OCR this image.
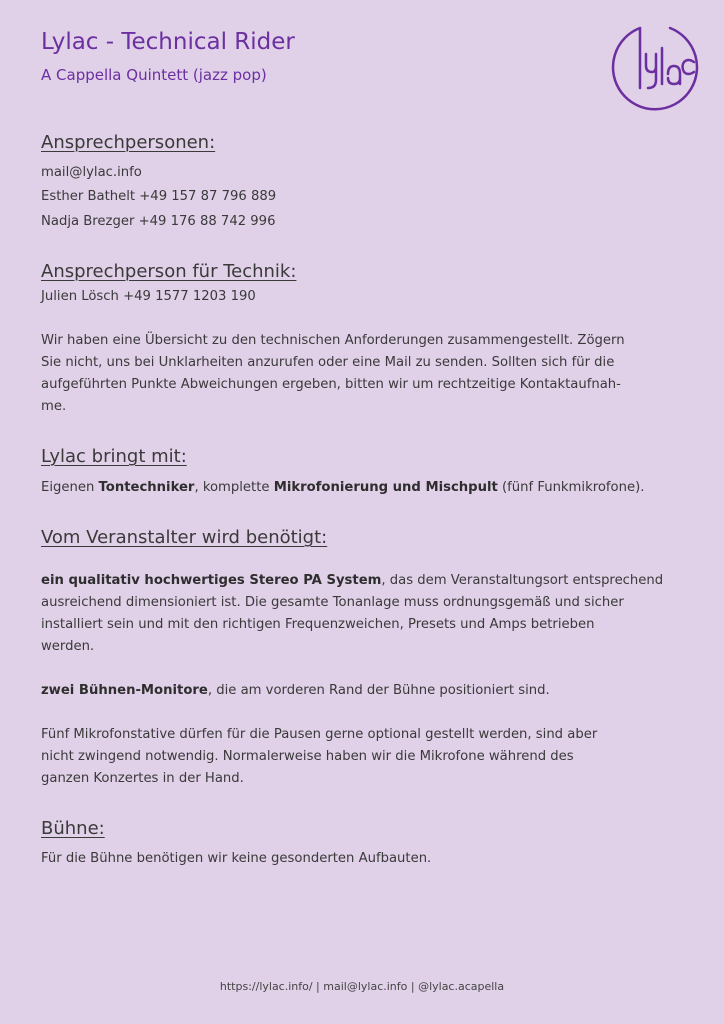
Lylac - Technical Rider
A Cappella Quintett (jazz pop)
Ansprechpersonen:
mail@lylac.info
Esther Bathelt +49 157 87 796 889
Nadja Brezger +49 176 88 742 996
Ansprechperson für Technik:
Julien Lösch +49 1577 1203 190
Wir haben eine Übersicht zu den technischen Anforderungen zusammengestellt. Zögern
Sie nicht, uns bei Unklarheiten anzurufen oder eine Mail zu senden. Sollten sich für die
aufgeführten Punkte Abweichungen ergeben, bitten wir um rechtzeitige Kontaktaufnah-
me.
Lylac bringt mit:
Eigenen Tontechniker, komplette Mikrofonierung und Mischpult (fünf Funkmikrofone).
Vom Veranstalter wird benötigt:
ein qualitativ hochwertiges Stereo PA System, das dem Veranstaltungsort entsprechend
ausreichend dimensioniert ist. Die gesamte Tonanlage muss ordnungsgemäß und sicher
installiert sein und mit den richtigen Frequenzweichen, Presets und Amps betrieben
werden.
zwei Bühnen-Monitore, die am vorderen Rand der Bühne positioniert sind.
Fünf Mikrofonstative dürfen für die Pausen gerne optional gestellt werden, sind aber
nicht zwingend notwendig. Normalerweise haben wir die Mikrofone während des
ganzen Konzertes in der Hand.
Bühne:
Für die Bühne benötigen wir keine gesonderten Aufbauten.
https://lylac.info/ | mail@lylac.info | @lylac.acapella
